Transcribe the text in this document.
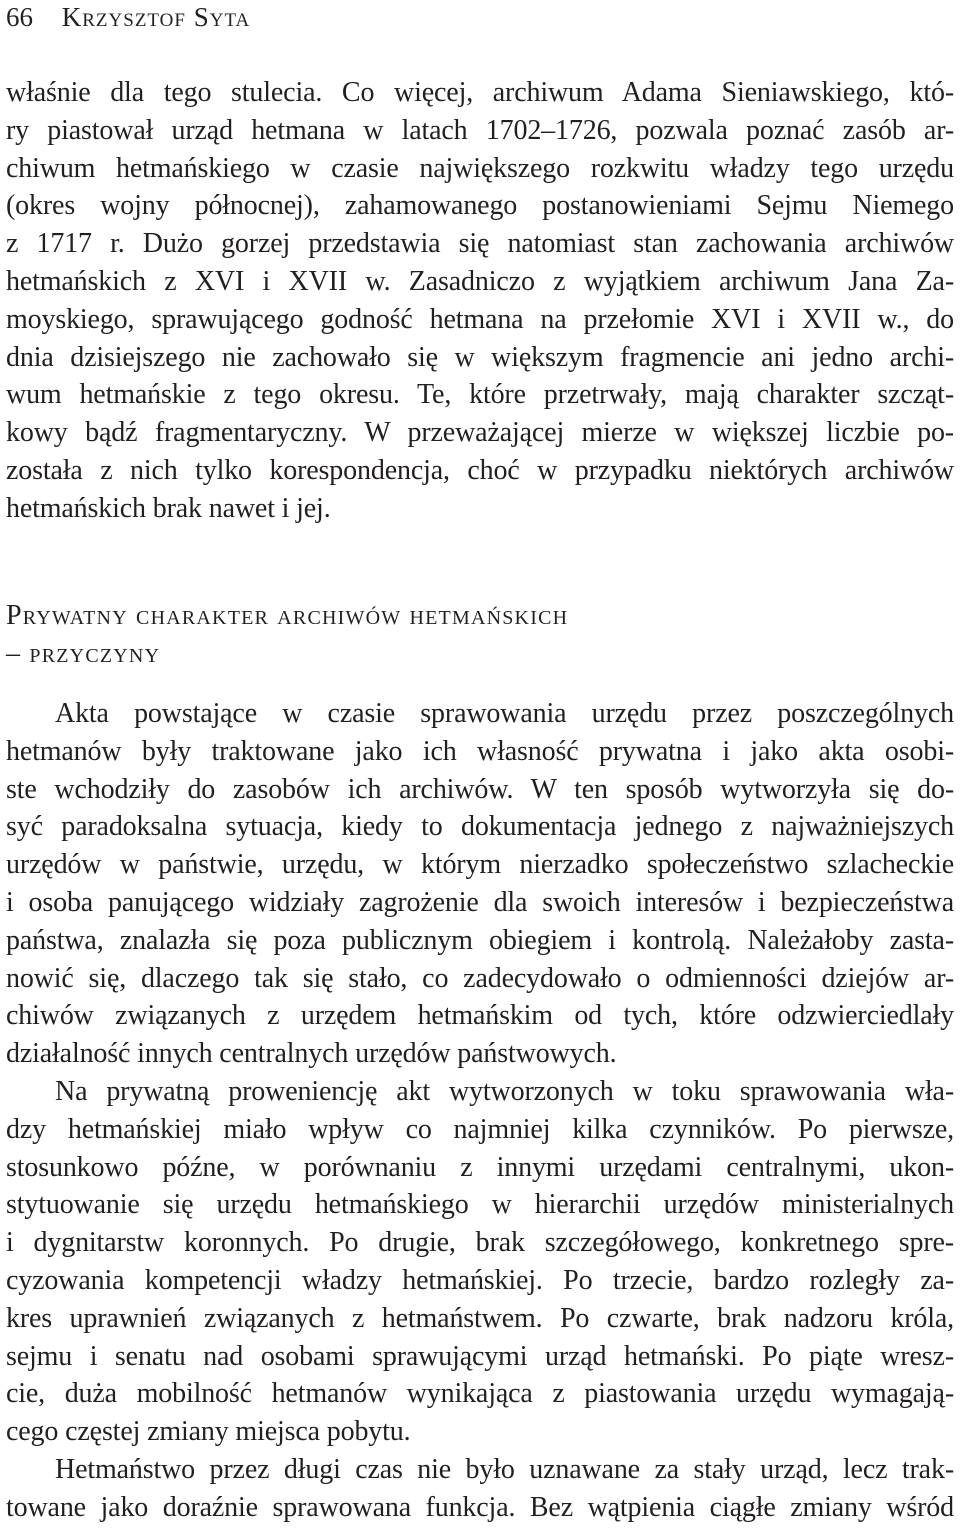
66 Krzysztof Syta
właśnie dla tego stulecia. Co więcej, archiwum Adama Sieniawskiego, któ-
ry piastował urząd hetmana w latach 1702–1726, pozwala poznać zasób ar-
chiwum hetmańskiego w czasie największego rozkwitu władzy tego urzędu
(okres wojny północnej), zahamowanego postanowieniami Sejmu Niemego
z 1717 r. Dużo gorzej przedstawia się natomiast stan zachowania archiwów
hetmańskich z XVI i XVII w. Zasadniczo z wyjątkiem archiwum Jana Za-
moyskiego, sprawującego godność hetmana na przełomie XVI i XVII w., do
dnia dzisiejszego nie zachowało się w większym fragmencie ani jedno archi-
wum hetmańskie z tego okresu. Te, które przetrwały, mają charakter szcząt-
kowy bądź fragmentaryczny. W przeważającej mierze w większej liczbie po-
została z nich tylko korespondencja, choć w przypadku niektórych archiwów
hetmańskich brak nawet i jej.
Prywatny charakter archiwów hetmańskich
– przyczyny
Akta powstające w czasie sprawowania urzędu przez poszczególnych
hetmanów były traktowane jako ich własność prywatna i jako akta osobi-
ste wchodziły do zasobów ich archiwów. W ten sposób wytworzyła się do-
syć paradoksalna sytuacja, kiedy to dokumentacja jednego z najważniejszych
urzędów w państwie, urzędu, w którym nierzadko społeczeństwo szlacheckie
i osoba panującego widziały zagrożenie dla swoich interesów i bezpieczeństwa
państwa, znalazła się poza publicznym obiegiem i kontrolą. Należałoby zasta-
nowić się, dlaczego tak się stało, co zadecydowało o odmienności dziejów ar-
chiwów związanych z urzędem hetmańskim od tych, które odzwierciedlały
działalność innych centralnych urzędów państwowych.
Na prywatną proweniencję akt wytworzonych w toku sprawowania wła-
dzy hetmańskiej miało wpływ co najmniej kilka czynników. Po pierwsze,
stosunkowo późne, w porównaniu z innymi urzędami centralnymi, ukon-
stytuowanie się urzędu hetmańskiego w hierarchii urzędów ministerialnych
i dygnitarstw koronnych. Po drugie, brak szczegółowego, konkretnego spre-
cyzowania kompetencji władzy hetmańskiej. Po trzecie, bardzo rozległy za-
kres uprawnień związanych z hetmaństwem. Po czwarte, brak nadzoru króla,
sejmu i senatu nad osobami sprawującymi urząd hetmański. Po piąte wresz-
cie, duża mobilność hetmanów wynikająca z piastowania urzędu wymagają-
cego częstej zmiany miejsca pobytu.
Hetmaństwo przez długi czas nie było uznawane za stały urząd, lecz trak-
towane jako doraźnie sprawowana funkcja. Bez wątpienia ciągłe zmiany wśród
